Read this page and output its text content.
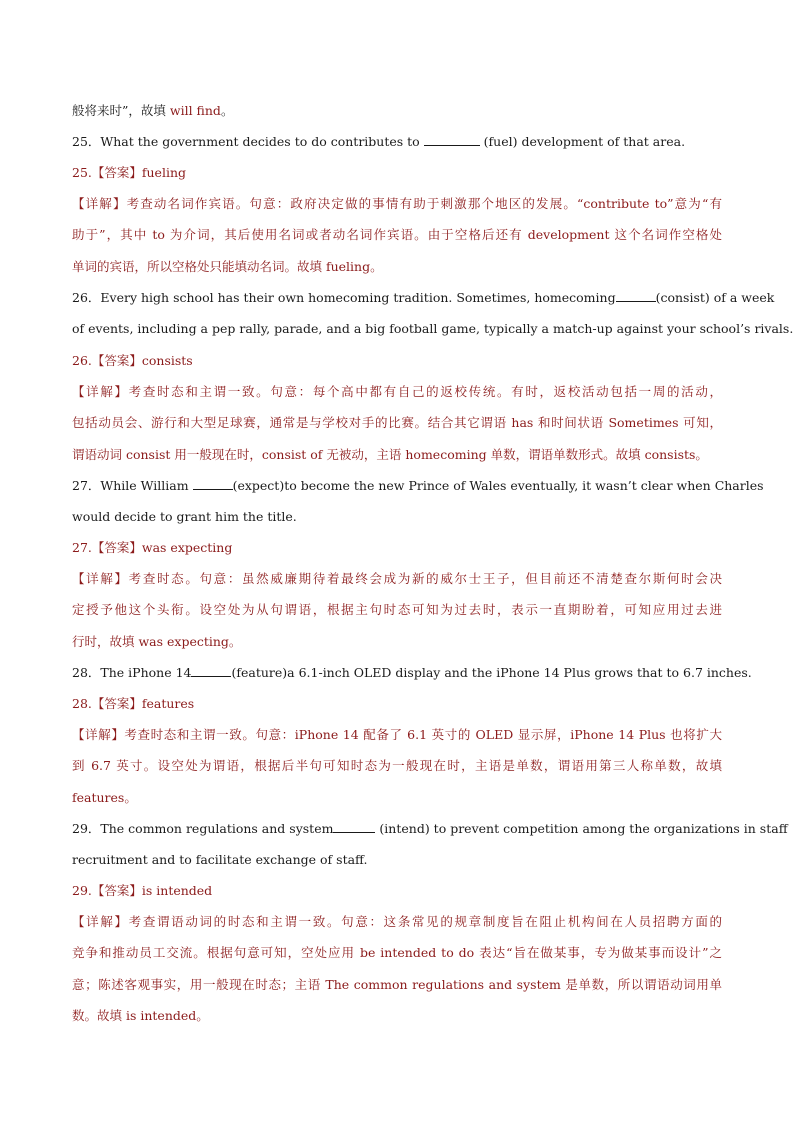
般将来时”，故填 will find。
25．What the government decides to do contributes to	(fuel) development of that area.
25.【答案】fueling
【详解】考查动名词作宾语。句意：政府决定做的事情有助于刺激那个地区的发展。“contribute to”意为“有
助于”，其中 to 为介词，其后使用名词或者动名词作宾语。由于空格后还有 development 这个名词作空格处
单词的宾语，所以空格处只能填动名词。故填 fueling。
26．Every high school has their own homecoming tradition. Sometimes, homecoming	(consist) of a week
of events, including a pep rally, parade, and a big football game, typically a match-up against your school’s rivals.
26.【答案】consists
【详解】考查时态和主谓一致。句意：每个高中都有自己的返校传统。有时，返校活动包括一周的活动，
包括动员会、游行和大型足球赛，通常是与学校对手的比赛。结合其它谓语 has 和时间状语 Sometimes 可知，
谓语动词 consist 用一般现在时，consist of 无被动，主语 homecoming 单数，谓语单数形式。故填 consists。
27．While William	(expect)to become the new Prince of Wales eventually, it wasn’t clear when Charles
would decide to grant him the title.
27.【答案】was expecting
【详解】考查时态。句意：虽然威廉期待着最终会成为新的威尔士王子，但目前还不清楚查尔斯何时会决
定授予他这个头衔。设空处为从句谓语，根据主句时态可知为过去时，表示一直期盼着，可知应用过去进
行时，故填 was expecting。
28．The iPhone 14	(feature)a 6.1-inch OLED display and the iPhone 14 Plus grows that to 6.7 inches.
28.【答案】features
【详解】考查时态和主谓一致。句意：iPhone 14 配备了 6.1 英寸的 OLED 显示屏，iPhone 14 Plus 也将扩大
到 6.7 英寸。设空处为谓语，根据后半句可知时态为一般现在时，主语是单数，谓语用第三人称单数，故填
features。
29．The common regulations and system	(intend) to prevent competition among the organizations in staff
recruitment and to facilitate exchange of staff.
29.【答案】is intended
【详解】考查谓语动词的时态和主谓一致。句意：这条常见的规章制度旨在阻止机构间在人员招聘方面的
竞争和推动员工交流。根据句意可知，空处应用 be intended to do 表达“旨在做某事，专为做某事而设计”之
意；陈述客观事实，用一般现在时态；主语 The common regulations and system 是单数，所以谓语动词用单
数。故填 is intended。
